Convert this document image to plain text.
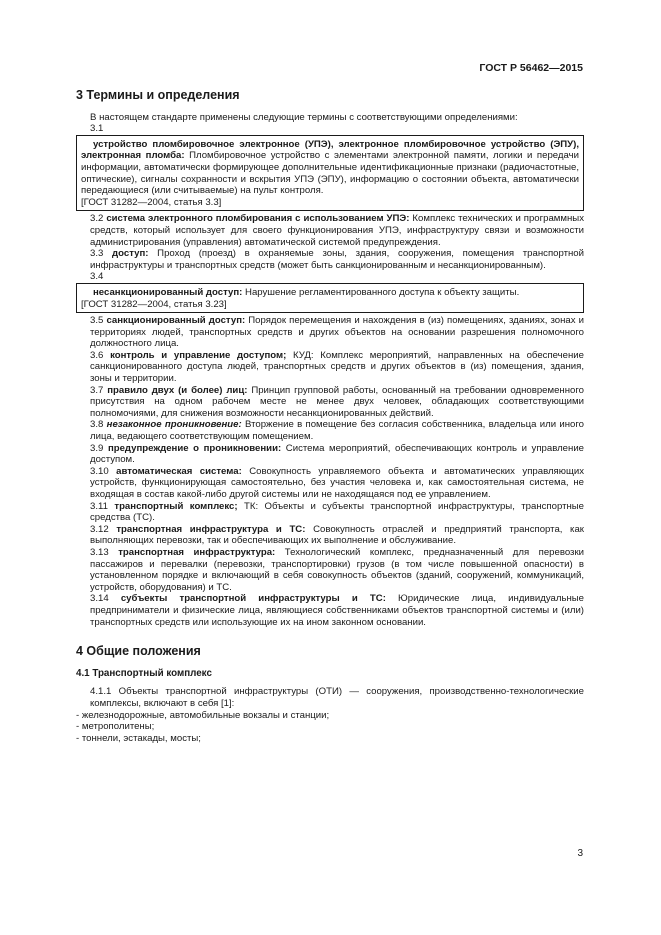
ГОСТ Р 56462—2015
3 Термины и определения

В настоящем стандарте применены следующие термины с соответствующими определениями:

3.1

устройство пломбировочное электронное (УПЭ), электронное пломбировочное устройство (ЭПУ), электронная пломба: Пломбировочное устройство с элементами электронной памяти, логики и передачи информации, автоматически формирующее дополнительные идентификационные признаки (радиочастотные, оптические), сигналы сохранности и вскрытия УПЭ (ЭПУ), информацию о состоянии объекта, автоматически передающиеся (или считываемые) на пульт контроля.

[ГОСТ 31282—2004, статья 3.3]

3.2 система электронного пломбирования с использованием УПЭ: Комплекс технических и программных средств, который использует для своего функционирования УПЭ, инфраструктуру связи и возможности администрирования (управления) автоматической системой предупреждения.

3.3 доступ: Проход (проезд) в охраняемые зоны, здания, сооружения, помещения транспортной инфраструктуры и транспортных средств (может быть санкционированным и несанкционированным).

3.4

несанкционированный доступ: Нарушение регламентированного доступа к объекту защиты.

[ГОСТ 31282—2004, статья 3.23]

3.5 санкционированный доступ: Порядок перемещения и нахождения в (из) помещениях, зданиях, зонах и территориях людей, транспортных средств и других объектов на основании разрешения полномочного должностного лица.

3.6 контроль и управление доступом; КУД: Комплекс мероприятий, направленных на обеспечение санкционированного доступа людей, транспортных средств и других объектов в (из) помещения, здания, зоны и территории.

3.7 правило двух (и более) лиц: Принцип групповой работы, основанный на требовании одновременного присутствия на одном рабочем месте не менее двух человек, обладающих соответствующими полномочиями, для снижения возможности несанкционированных действий.

3.8 незаконное проникновение: Вторжение в помещение без согласия собственника, владельца или иного лица, ведающего соответствующим помещением.

3.9 предупреждение о проникновении: Система мероприятий, обеспечивающих контроль и управление доступом.

3.10 автоматическая система: Совокупность управляемого объекта и автоматических управляющих устройств, функционирующая самостоятельно, без участия человека и, как самостоятельная система, не входящая в состав какой-либо другой системы или не находящаяся под ее управлением.

3.11 транспортный комплекс; ТК: Объекты и субъекты транспортной инфраструктуры, транспортные средства (ТС).

3.12 транспортная инфраструктура и ТС: Совокупность отраслей и предприятий транспорта, как выполняющих перевозки, так и обеспечивающих их выполнение и обслуживание.

3.13 транспортная инфраструктура: Технологический комплекс, предназначенный для перевозки пассажиров и перевалки (перевозки, транспортировки) грузов (в том числе повышенной опасности) в установленном порядке и включающий в себя совокупность объектов (зданий, сооружений, коммуникаций, устройств, оборудования) и ТС.

3.14 субъекты транспортной инфраструктуры и ТС: Юридические лица, индивидуальные предприниматели и физические лица, являющиеся собственниками объектов транспортной системы и (или) транспортных средств или использующие их на ином законном основании.

4 Общие положения
4.1 Транспортный комплекс

4.1.1 Объекты транспортной инфраструктуры (ОТИ) — сооружения, производственно-технологические комплексы, включают в себя [1]:

- железнодорожные, автомобильные вокзалы и станции;

- метрополитены;

- тоннели, эстакады, мосты;

3
